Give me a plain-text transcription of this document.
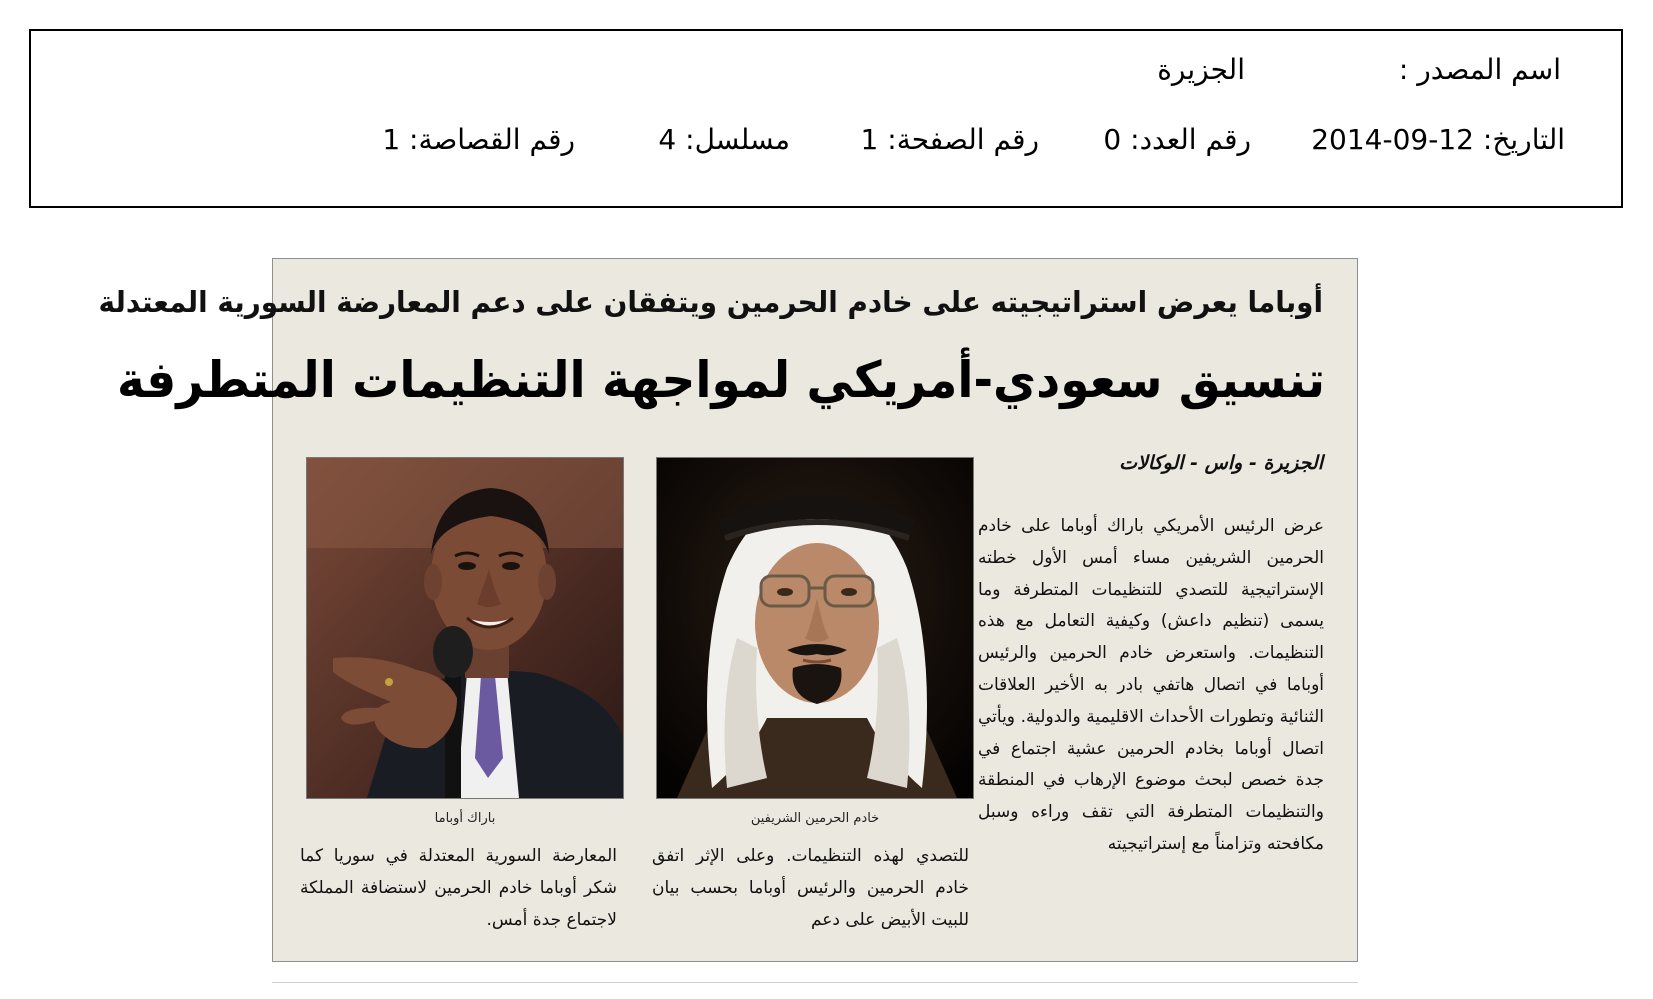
اسم المصدر :
الجزيرة
التاريخ: 12-09-2014
رقم العدد: 0
رقم الصفحة: 1
مسلسل: 4
رقم القصاصة: 1
أوباما يعرض استراتيجيته على خادم الحرمين ويتفقان على دعم المعارضة السورية المعتدلة
تنسيق سعودي-أمريكي لمواجهة التنظيمات المتطرفة
الجزيرة - واس - الوكالات
عرض الرئيس الأمريكي باراك أوباما على خادم الحرمين الشريفين مساء أمس الأول خطته الإستراتيجية للتصدي للتنظيمات المتطرفة وما يسمى (تنظيم داعش) وكيفية التعامل مع هذه التنظيمات. واستعرض خادم الحرمين والرئيس أوباما في اتصال هاتفي بادر به الأخير العلاقات الثنائية وتطورات الأحداث الاقليمية والدولية. ويأتي اتصال أوباما بخادم الحرمين عشية اجتماع في جدة خصص لبحث موضوع الإرهاب في المنطقة والتنظيمات المتطرفة التي تقف وراءه وسبل مكافحته وتزامناً مع إستراتيجيته
خادم الحرمين الشريفين
باراك أوباما
للتصدي لهذه التنظيمات. وعلى الإثر اتفق خادم الحرمين والرئيس أوباما بحسب بيان للبيت الأبيض على دعم
المعارضة السورية المعتدلة في سوريا كما شكر أوباما خادم الحرمين لاستضافة المملكة لاجتماع جدة أمس.
